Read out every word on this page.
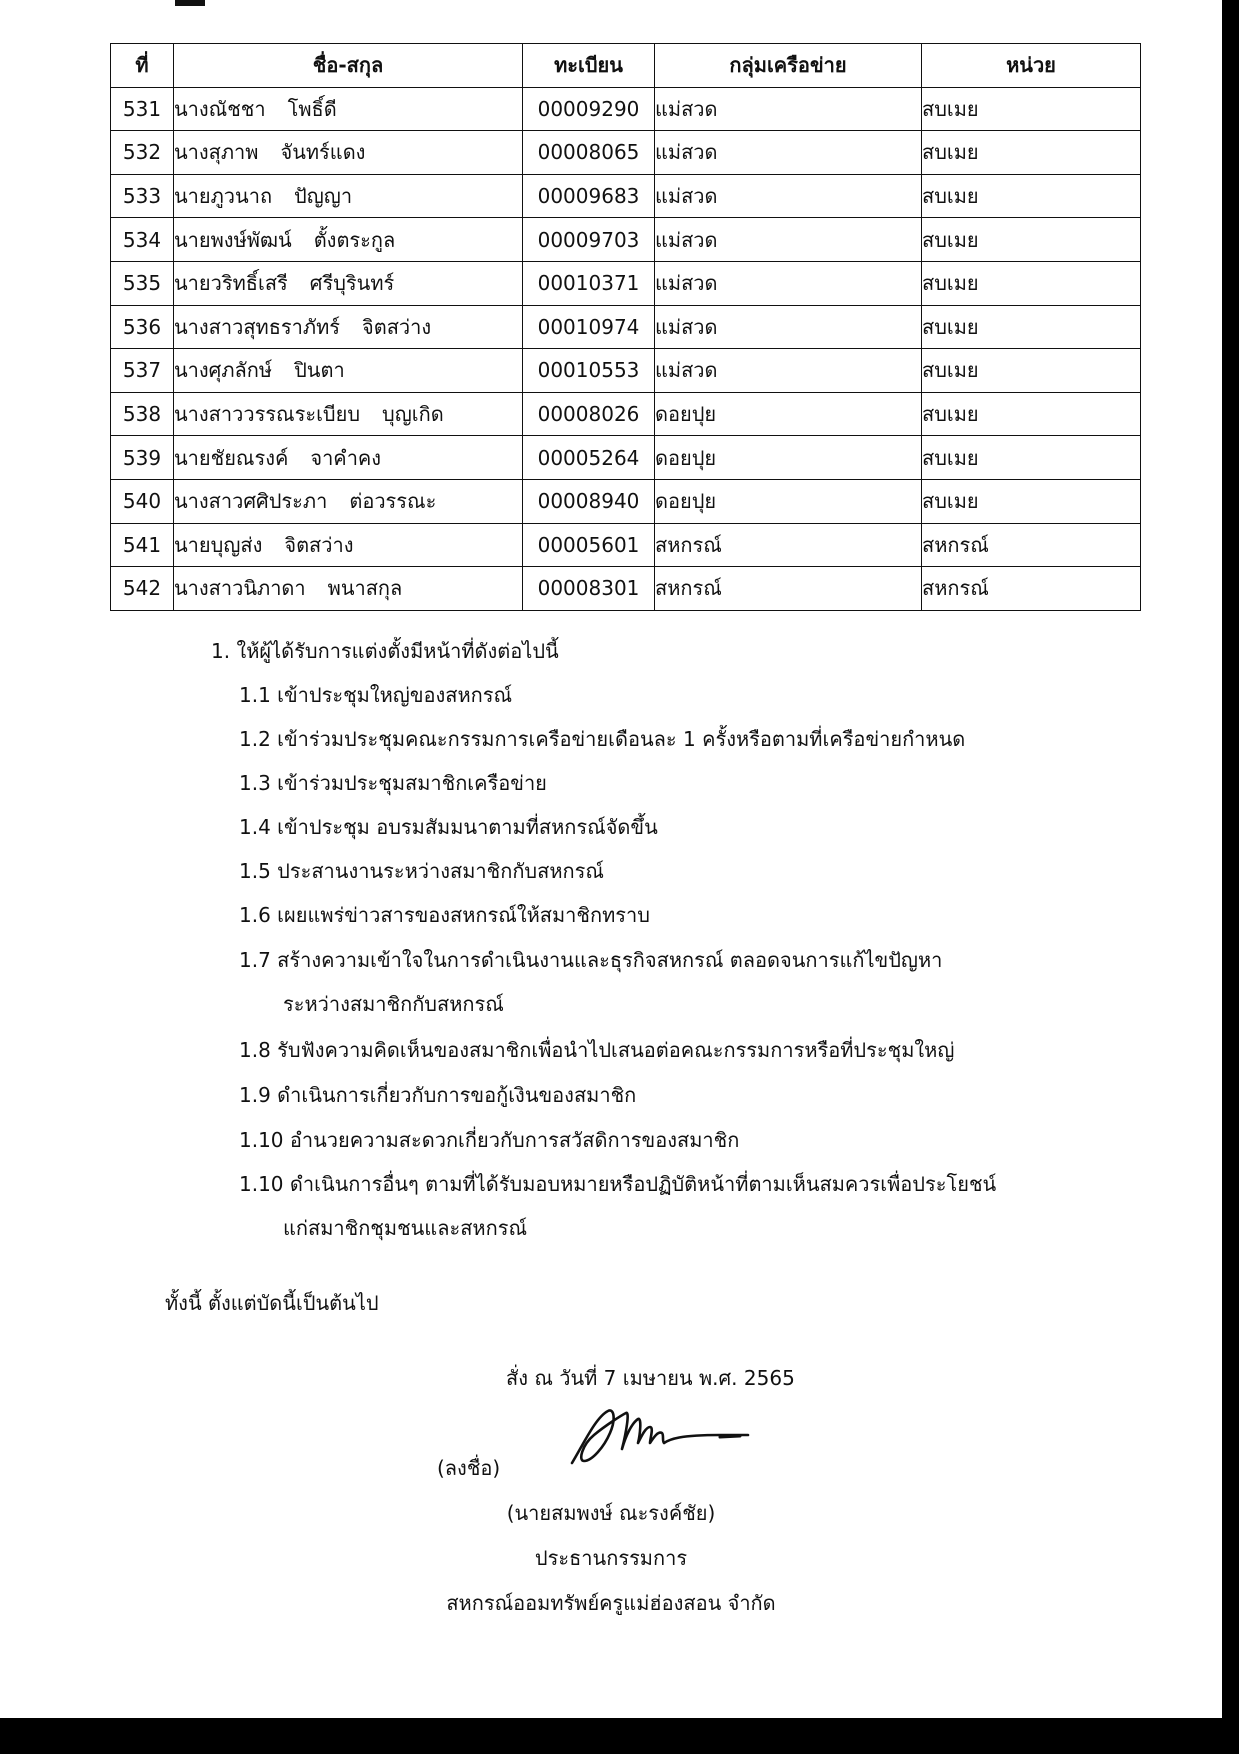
ที่	ชื่อ-สกุล	ทะเบียน	กลุ่มเครือข่าย	หน่วย
531	นางณัชชา โพธิ์ดี	00009290	แม่สวด	สบเมย
532	นางสุภาพ จันทร์แดง	00008065	แม่สวด	สบเมย
533	นายภูวนาถ ปัญญา	00009683	แม่สวด	สบเมย
534	นายพงษ์พัฒน์ ตั้งตระกูล	00009703	แม่สวด	สบเมย
535	นายวริทธิ์เสรี ศรีบุรินทร์	00010371	แม่สวด	สบเมย
536	นางสาวสุทธราภัทร์ จิตสว่าง	00010974	แม่สวด	สบเมย
537	นางศุภลักษ์ ปินตา	00010553	แม่สวด	สบเมย
538	นางสาววรรณระเบียบ บุญเกิด	00008026	ดอยปุย	สบเมย
539	นายชัยณรงค์ จาคำคง	00005264	ดอยปุย	สบเมย
540	นางสาวศศิประภา ต่อวรรณะ	00008940	ดอยปุย	สบเมย
541	นายบุญส่ง จิตสว่าง	00005601	สหกรณ์	สหกรณ์
542	นางสาวนิภาดา พนาสกุล	00008301	สหกรณ์	สหกรณ์
1. ให้ผู้ได้รับการแต่งตั้งมีหน้าที่ดังต่อไปนี้
1.1 เข้าประชุมใหญ่ของสหกรณ์
1.2 เข้าร่วมประชุมคณะกรรมการเครือข่ายเดือนละ 1 ครั้งหรือตามที่เครือข่ายกำหนด
1.3 เข้าร่วมประชุมสมาชิกเครือข่าย
1.4 เข้าประชุม อบรมสัมมนาตามที่สหกรณ์จัดขึ้น
1.5 ประสานงานระหว่างสมาชิกกับสหกรณ์
1.6 เผยแพร่ข่าวสารของสหกรณ์ให้สมาชิกทราบ
1.7 สร้างความเข้าใจในการดำเนินงานและธุรกิจสหกรณ์ ตลอดจนการแก้ไขปัญหา
ระหว่างสมาชิกกับสหกรณ์
1.8 รับฟังความคิดเห็นของสมาชิกเพื่อนำไปเสนอต่อคณะกรรมการหรือที่ประชุมใหญ่
1.9 ดำเนินการเกี่ยวกับการขอกู้เงินของสมาชิก
1.10 อำนวยความสะดวกเกี่ยวกับการสวัสดิการของสมาชิก
1.10 ดำเนินการอื่นๆ ตามที่ได้รับมอบหมายหรือปฏิบัติหน้าที่ตามเห็นสมควรเพื่อประโยชน์
แก่สมาชิกชุมชนและสหกรณ์
ทั้งนี้ ตั้งแต่บัดนี้เป็นต้นไป
สั่ง ณ วันที่ 7 เมษายน พ.ศ. 2565
(ลงชื่อ)
(นายสมพงษ์ ณะรงค์ชัย)
ประธานกรรมการ
สหกรณ์ออมทรัพย์ครูแม่ฮ่องสอน จำกัด
